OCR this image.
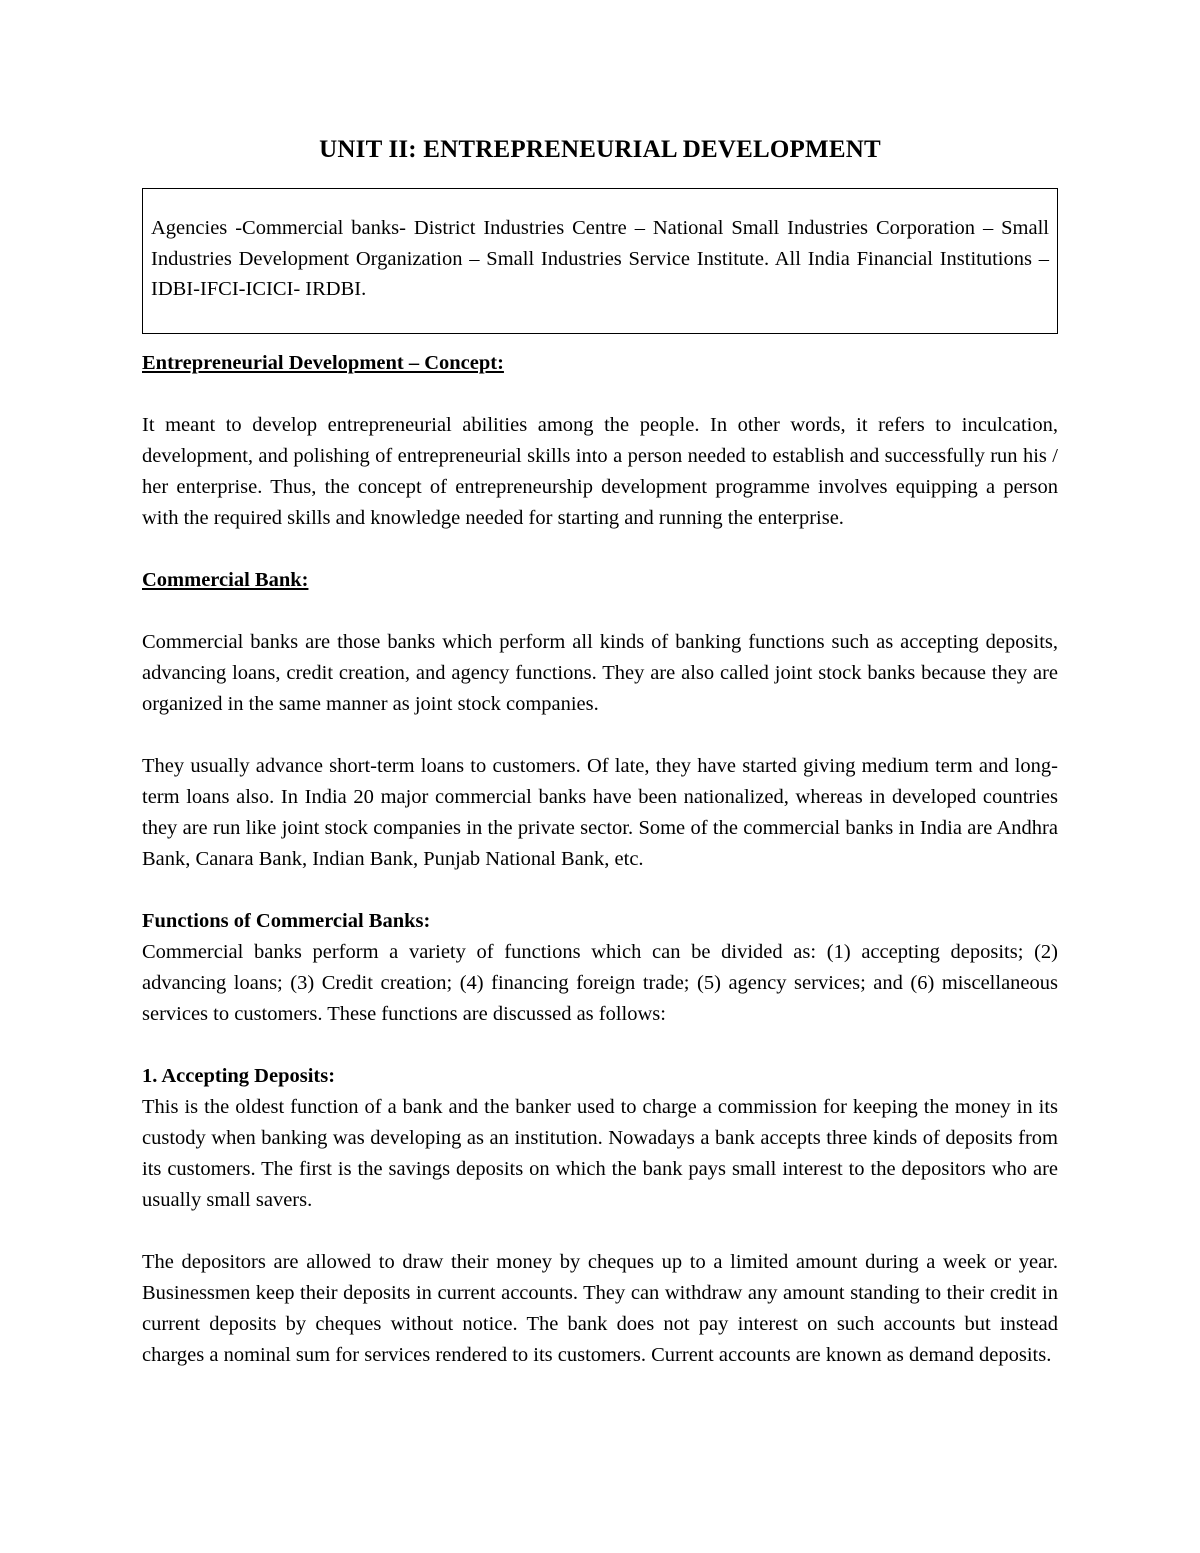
UNIT II: ENTREPRENEURIAL DEVELOPMENT

Agencies -Commercial banks- District Industries Centre – National Small Industries Corporation – Small Industries Development Organization – Small Industries Service Institute. All India Financial Institutions – IDBI-IFCI-ICICI- IRDBI.

Entrepreneurial Development – Concept:

It meant to develop entrepreneurial abilities among the people. In other words, it refers to inculcation, development, and polishing of entrepreneurial skills into a person needed to establish and successfully run his / her enterprise. Thus, the concept of entrepreneurship development programme involves equipping a person with the required skills and knowledge needed for starting and running the enterprise.

Commercial Bank:

Commercial banks are those banks which perform all kinds of banking functions such as accepting deposits, advancing loans, credit creation, and agency functions. They are also called joint stock banks because they are organized in the same manner as joint stock companies.

They usually advance short-term loans to customers. Of late, they have started giving medium term and long-term loans also. In India 20 major commercial banks have been nationalized, whereas in developed countries they are run like joint stock companies in the private sector. Some of the commercial banks in India are Andhra Bank, Canara Bank, Indian Bank, Punjab National Bank, etc.

Functions of Commercial Banks:

Commercial banks perform a variety of functions which can be divided as: (1) accepting deposits; (2) advancing loans; (3) Credit creation; (4) financing foreign trade; (5) agency services; and (6) miscellaneous services to customers. These functions are discussed as follows:

1. Accepting Deposits:

This is the oldest function of a bank and the banker used to charge a commission for keeping the money in its custody when banking was developing as an institution. Nowadays a bank accepts three kinds of deposits from its customers. The first is the savings deposits on which the bank pays small interest to the depositors who are usually small savers.

The depositors are allowed to draw their money by cheques up to a limited amount during a week or year. Businessmen keep their deposits in current accounts. They can withdraw any amount standing to their credit in current deposits by cheques without notice. The bank does not pay interest on such accounts but instead charges a nominal sum for services rendered to its customers. Current accounts are known as demand deposits.
